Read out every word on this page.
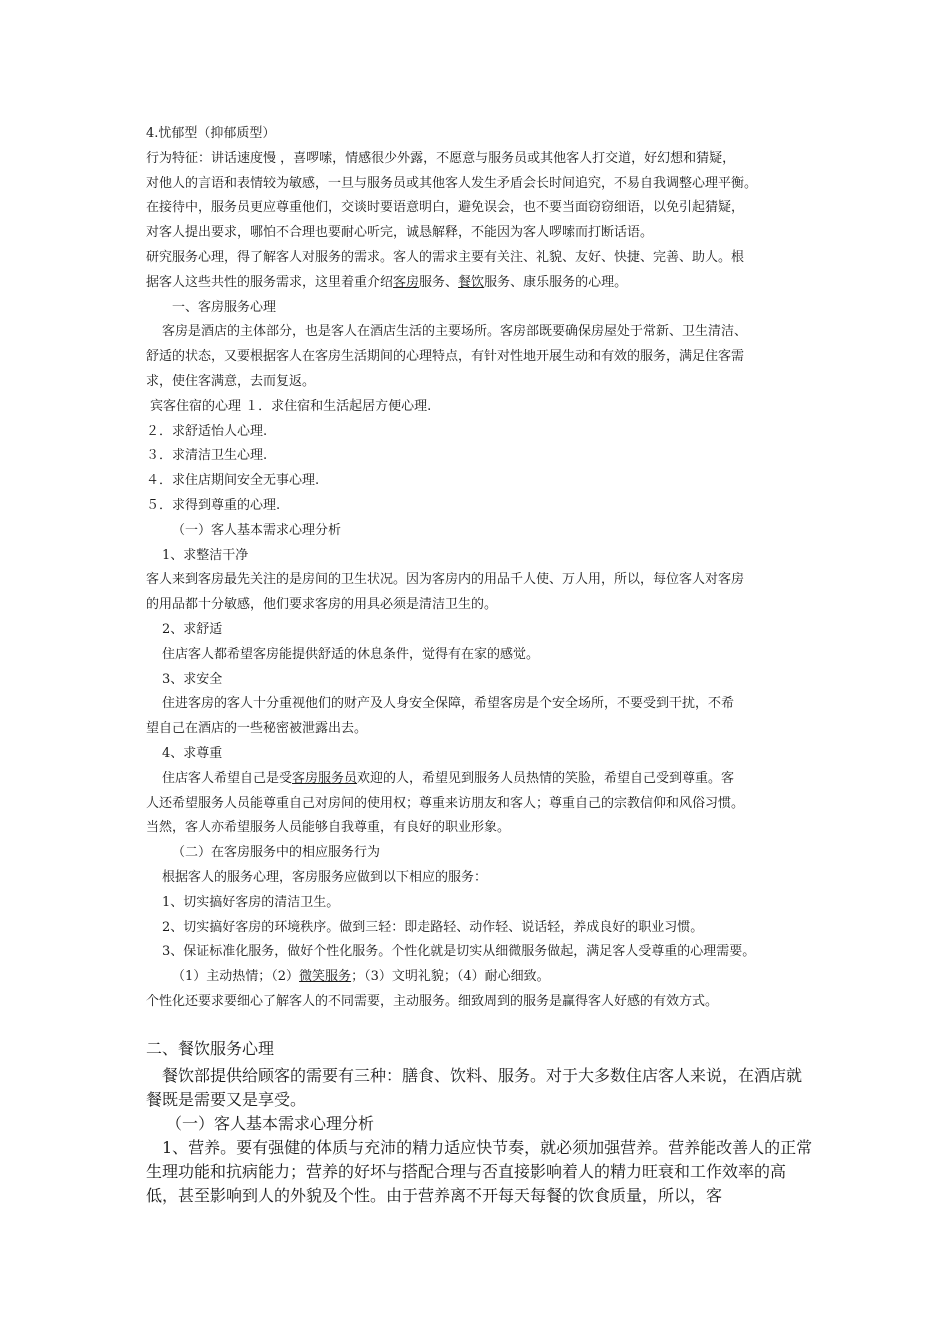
4.忧郁型（抑郁质型）

行为特征：讲话速度慢 ，喜啰嗦，情感很少外露，不愿意与服务员或其他客人打交道，好幻想和猜疑，

对他人的言语和表情较为敏感，一旦与服务员或其他客人发生矛盾会长时间追究，不易自我调整心理平衡。

在接待中，服务员更应尊重他们，交谈时要语意明白，避免误会，也不要当面窃窃细语，以免引起猜疑，

对客人提出要求，哪怕不合理也要耐心听完，诚恳解释，不能因为客人啰嗦而打断话语。

研究服务心理，得了解客人对服务的需求。客人的需求主要有关注、礼貌、友好、快捷、完善、助人。根

据客人这些共性的服务需求，这里着重介绍客房服务、餐饮服务、康乐服务的心理。

一、客房服务心理

客房是酒店的主体部分，也是客人在酒店生活的主要场所。客房部既要确保房屋处于常新、卫生清洁、

舒适的状态，又要根据客人在客房生活期间的心理特点，有针对性地开展生动和有效的服务，满足住客需

求，使住客满意，去而复返。

宾客住宿的心理 １．求住宿和生活起居方便心理.

２．求舒适怡人心理.

３．求清洁卫生心理.

４．求住店期间安全无事心理.

５．求得到尊重的心理.

（一）客人基本需求心理分析

1、求整洁干净

客人来到客房最先关注的是房间的卫生状况。因为客房内的用品千人使、万人用，所以，每位客人对客房

的用品都十分敏感，他们要求客房的用具必须是清洁卫生的。

2、求舒适

住店客人都希望客房能提供舒适的休息条件，觉得有在家的感觉。

3、求安全

住进客房的客人十分重视他们的财产及人身安全保障，希望客房是个安全场所，不要受到干扰，不希

望自己在酒店的一些秘密被泄露出去。

4、求尊重

住店客人希望自己是受客房服务员欢迎的人，希望见到服务人员热情的笑脸，希望自己受到尊重。客

人还希望服务人员能尊重自己对房间的使用权；尊重来访朋友和客人；尊重自己的宗教信仰和风俗习惯。

当然，客人亦希望服务人员能够自我尊重，有良好的职业形象。

（二）在客房服务中的相应服务行为

根据客人的服务心理，客房服务应做到以下相应的服务：

1、切实搞好客房的清洁卫生。

2、切实搞好客房的环境秩序。做到三轻：即走路轻、动作轻、说话轻，养成良好的职业习惯。

3、保证标准化服务，做好个性化服务。个性化就是切实从细微服务做起，满足客人受尊重的心理需要。

（1）主动热情；（2）微笑服务；（3）文明礼貌；（4）耐心细致。

个性化还要求要细心了解客人的不同需要，主动服务。细致周到的服务是赢得客人好感的有效方式。

二、餐饮服务心理

餐饮部提供给顾客的需要有三种：膳食、饮料、服务。对于大多数住店客人来说，在酒店就餐既是需要又是享受。

（一）客人基本需求心理分析

1、营养。要有强健的体质与充沛的精力适应快节奏，就必须加强营养。营养能改善人的正常生理功能和抗病能力；营养的好坏与搭配合理与否直接影响着人的精力旺衰和工作效率的高低，甚至影响到人的外貌及个性。由于营养离不开每天每餐的饮食质量，所以，客
